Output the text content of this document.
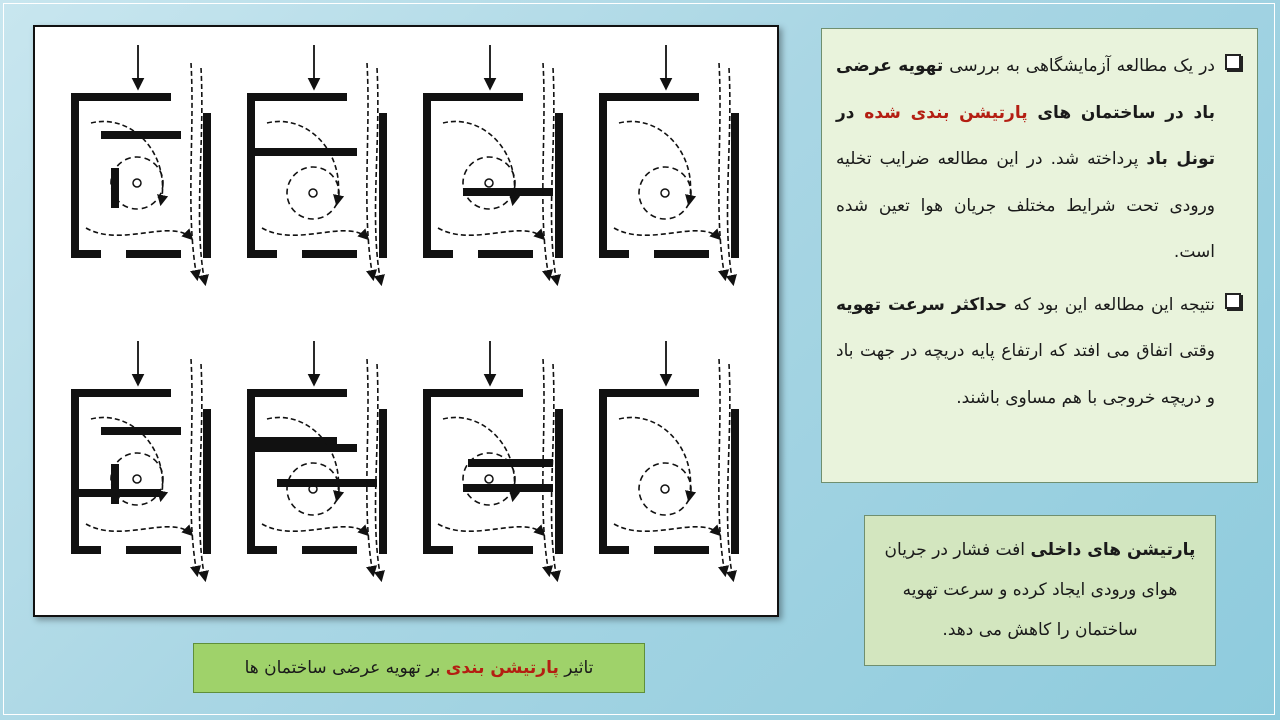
در یک مطالعه آزمایشگاهی به بررسی تهویه عرضی باد در ساختمان های پارتیشن بندی شده در تونل باد پرداخته شد. در این مطالعه ضرایب تخلیه ورودی تحت شرایط مختلف جریان هوا تعین شده است.
نتیجه این مطالعه این بود که حداکثر سرعت تهویه وقتی اتفاق می افتد که ارتفاع پایه دریچه در جهت باد و دریچه خروجی با هم مساوی باشند.
پارتیشن های داخلی افت فشار در جریان هوای ورودی ایجاد کرده و سرعت تهویه ساختمان را کاهش می دهد.
تاثیر پارتیشن بندی بر تهویه عرضی ساختمان ها
